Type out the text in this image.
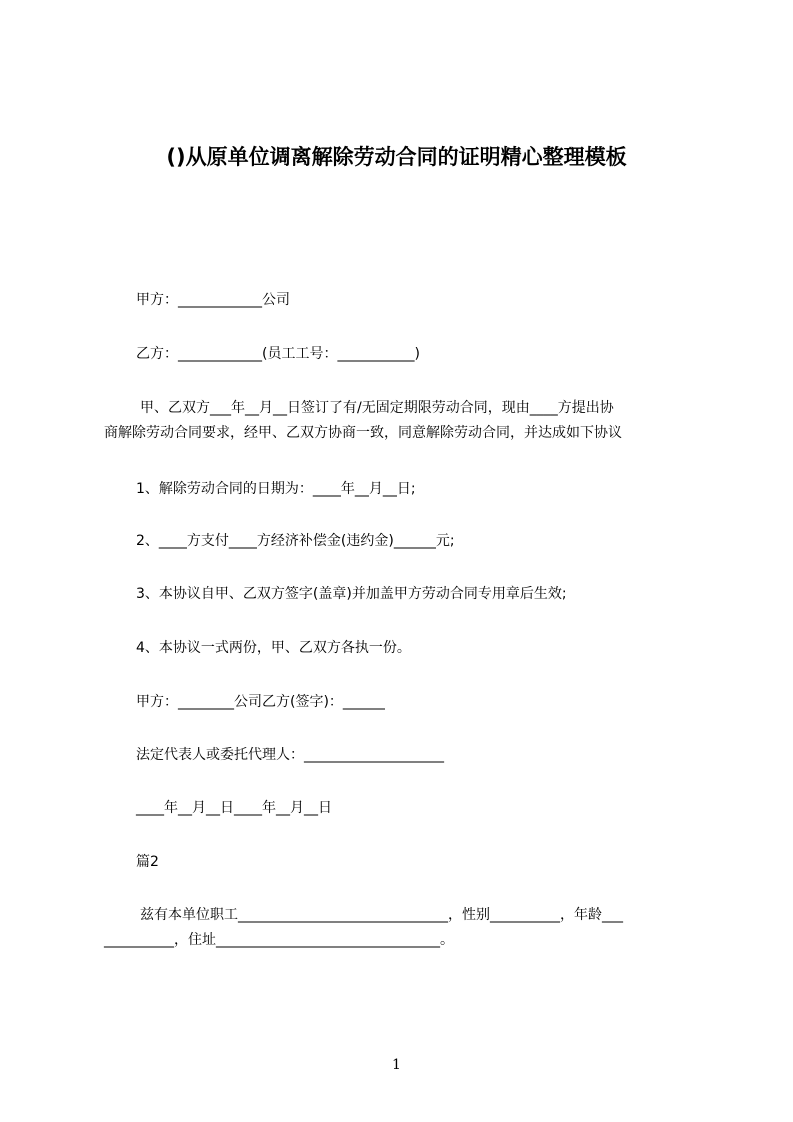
()从原单位调离解除劳动合同的证明精心整理模板
甲方：____________公司
乙方：____________(员工工号：___________)
甲、乙双方___年__月__日签订了有/无固定期限劳动合同，现由____方提出协
商解除劳动合同要求，经甲、乙双方协商一致，同意解除劳动合同，并达成如下协议
1、解除劳动合同的日期为：____年__月__日;
2、____方支付____方经济补偿金(违约金)______元;
3、本协议自甲、乙双方签字(盖章)并加盖甲方劳动合同专用章后生效;
4、本协议一式两份，甲、乙双方各执一份。
甲方：________公司乙方(签字)：______
法定代表人或委托代理人：____________________
____年__月__日____年__月__日
篇2
兹有本单位职工______________________________，性别__________，年龄___
__________，住址________________________________。
1
